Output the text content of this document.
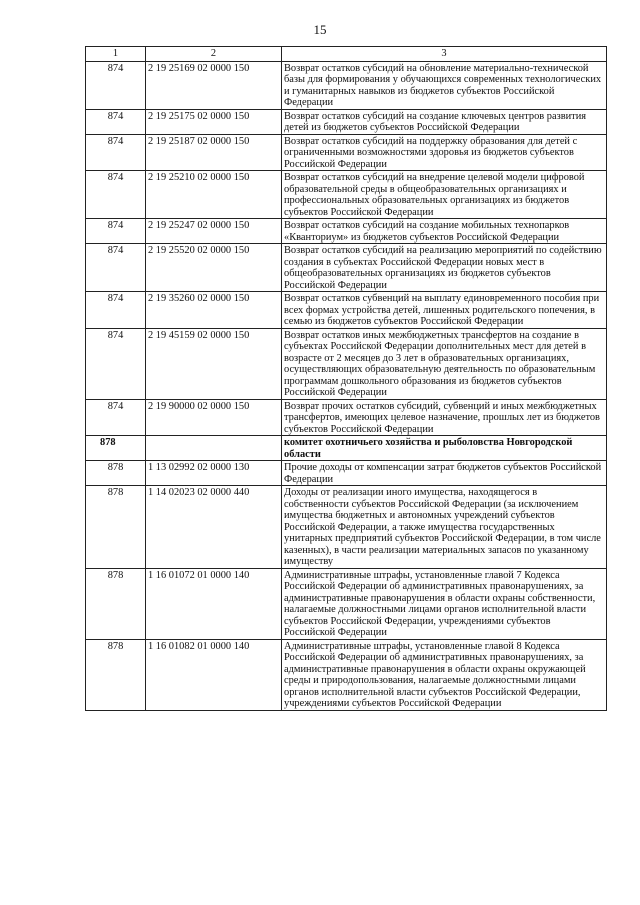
15
1	2	3
874	2 19 25169 02 0000 150	Возврат остатков субсидий на обновление материально-технической базы для формирования у обучающихся современных технологических и гуманитарных навыков из бюджетов субъектов Российской Федерации
874	2 19 25175 02 0000 150	Возврат остатков субсидий на создание ключевых центров развития детей из бюджетов субъектов Российской Федерации
874	2 19 25187 02 0000 150	Возврат остатков субсидий на поддержку образования для детей с ограниченными возможностями здоровья из бюджетов субъектов Российской Федерации
874	2 19 25210 02 0000 150	Возврат остатков субсидий на внедрение целевой модели цифровой образовательной среды в общеобразовательных организациях и профессиональных образовательных организациях из бюджетов субъектов Российской Федерации
874	2 19 25247 02 0000 150	Возврат остатков субсидий на создание мобильных технопарков «Кванториум» из бюджетов субъектов Российской Федерации
874	2 19 25520 02 0000 150	Возврат остатков субсидий на реализацию мероприятий по содействию создания в субъектах Российской Федерации новых мест в общеобразовательных организациях из бюджетов субъектов Российской Федерации
874	2 19 35260 02 0000 150	Возврат остатков субвенций на выплату единовременного пособия при всех формах устройства детей, лишенных родительского попечения, в семью из бюджетов субъектов Российской Федерации
874	2 19 45159 02 0000 150	Возврат остатков иных межбюджетных трансфертов на создание в субъектах Российской Федерации дополнительных мест для детей в возрасте от 2 месяцев до 3 лет в образовательных организациях, осуществляющих образовательную деятельность по образовательным программам дошкольного образования из бюджетов субъектов Российской Федерации
874	2 19 90000 02 0000 150	Возврат прочих остатков субсидий, субвенций и иных межбюджетных трансфертов, имеющих целевое назначение, прошлых лет из бюджетов субъектов Российской Федерации
878		комитет охотничьего хозяйства и рыболовства Новгородской области
878	1 13 02992 02 0000 130	Прочие доходы от компенсации затрат бюджетов субъектов Российской Федерации
878	1 14 02023 02 0000 440	Доходы от реализации иного имущества, находящегося в собственности субъектов Российской Федерации (за исключением имущества бюджетных и автономных учреждений субъектов Российской Федерации, а также имущества государственных унитарных предприятий субъектов Российской Федерации, в том числе казенных), в части реализации материальных запасов по указанному имуществу
878	1 16 01072 01 0000 140	Административные штрафы, установленные главой 7 Кодекса Российской Федерации об административных правонарушениях, за административные правонарушения в области охраны собственности, налагаемые должностными лицами органов исполнительной власти субъектов Российской Федерации, учреждениями субъектов Российской Федерации
878	1 16 01082 01 0000 140	Административные штрафы, установленные главой 8 Кодекса Российской Федерации об административных правонарушениях, за административные правонарушения в области охраны окружающей среды и природопользования, налагаемые должностными лицами органов исполнительной власти субъектов Российской Федерации, учреждениями субъектов Российской Федерации
